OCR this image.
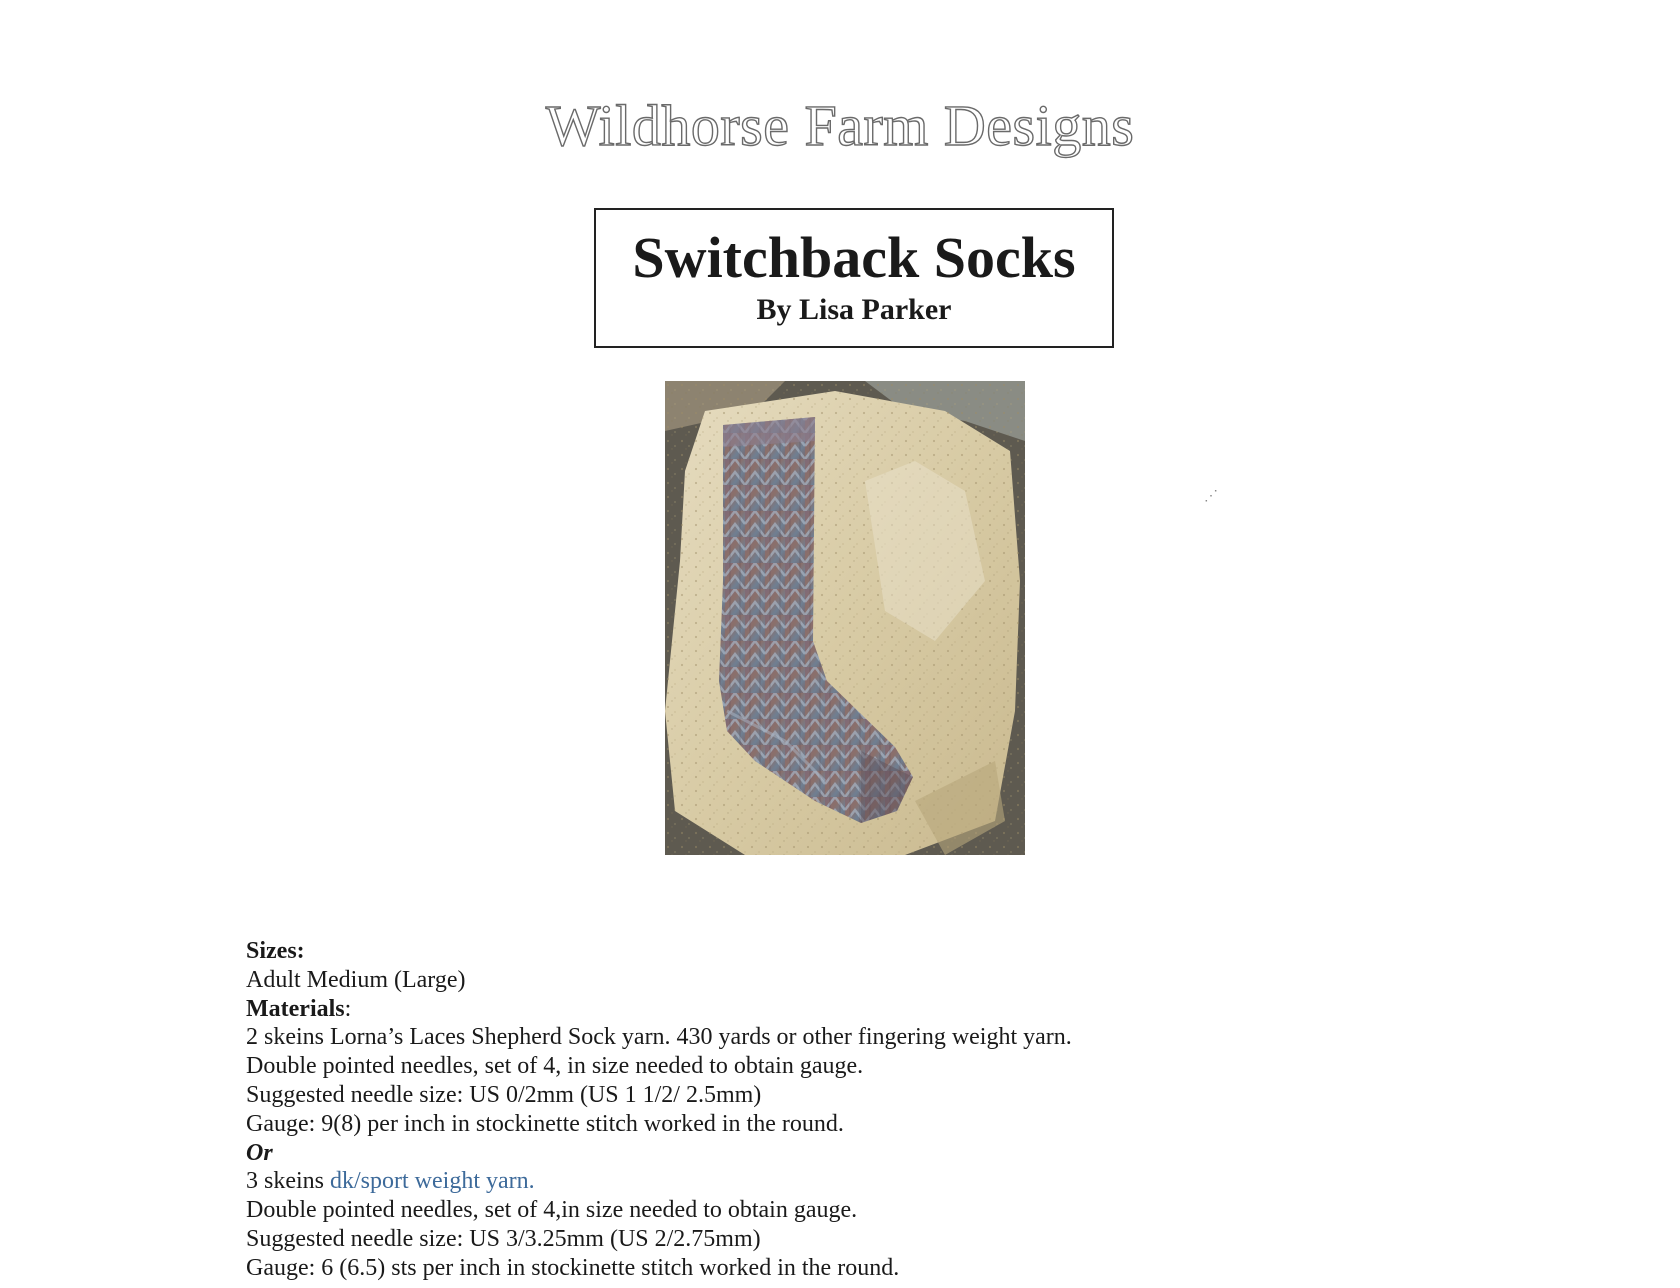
Wildhorse Farm Designs
Switchback Socks
By Lisa Parker
⋰
Sizes:
Adult Medium (Large)
Materials:
2 skeins Lorna’s Laces Shepherd Sock yarn. 430 yards or other fingering weight yarn.
Double pointed needles, set of 4, in size needed to obtain gauge.
Suggested needle size: US 0/2mm (US 1 1/2/ 2.5mm)
Gauge: 9(8) per inch in stockinette stitch worked in the round.
Or
3 skeins dk/sport weight yarn.
Double pointed needles, set of 4,in size needed to obtain gauge.
Suggested needle size: US 3/3.25mm (US 2/2.75mm)
Gauge: 6 (6.5) sts per inch in stockinette stitch worked in the round.
